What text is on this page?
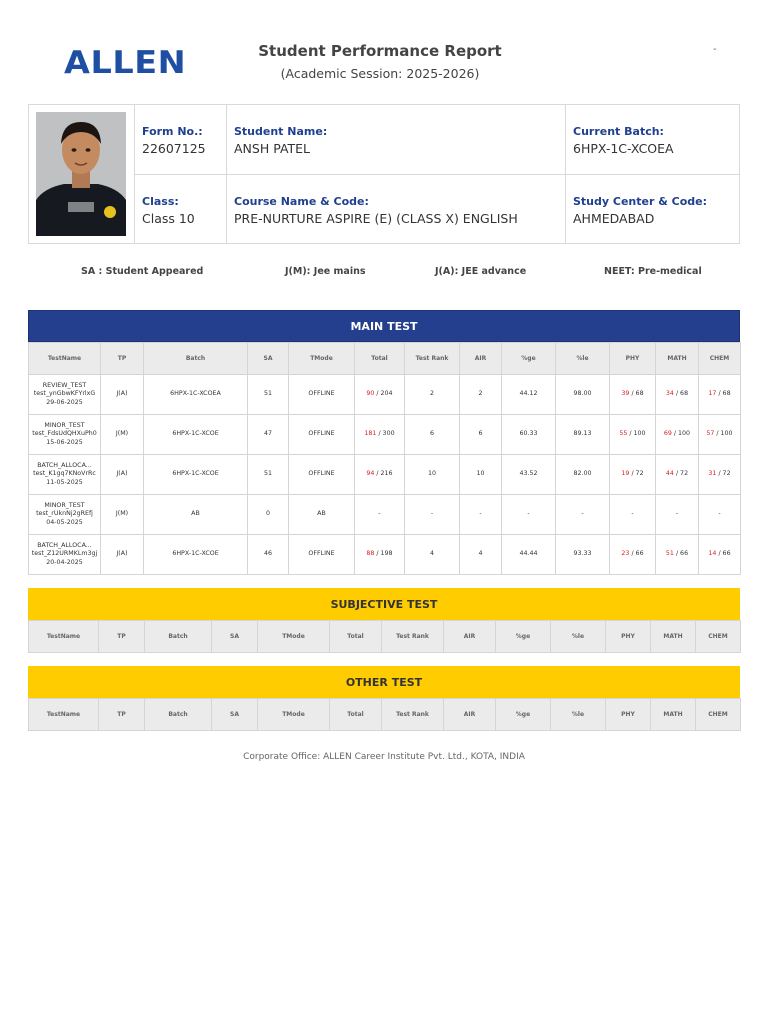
ALLEN	Student Performance Report
(Academic Session: 2025-2026)
-
Form No.:
22607125
Student Name:
ANSH PATEL
Current Batch:
6HPX-1C-XCOEA
Class:
Class 10
Course Name & Code:
PRE-NURTURE ASPIRE (E) (CLASS X) ENGLISH
Study Center & Code:
AHMEDABAD
SA : Student Appeared	J(M): Jee mains	J(A): JEE advance	NEET: Pre-medical
MAIN TEST
TestName	TP	Batch	SA	TMode	Total	Test Rank	AIR	%ge	%le	PHY	MATH	CHEM
REVIEW_TEST
test_ynGbwKFYrlxG
29-06-2025	J(A)	6HPX-1C-XCOEA	51	OFFLINE	90 / 204	2	2	44.12	98.00	39 / 68	34 / 68	17 / 68
MINOR_TEST
test_FdsUdQHXuPh0
15-06-2025	J(M)	6HPX-1C-XCOE	47	OFFLINE	181 / 300	6	6	60.33	89.13	55 / 100	69 / 100	57 / 100
BATCH_ALLOCA...
test_K1gq7KNoVrRc
11-05-2025	J(A)	6HPX-1C-XCOE	51	OFFLINE	94 / 216	10	10	43.52	82.00	19 / 72	44 / 72	31 / 72
MINOR_TEST
test_rUknNj2gREfj
04-05-2025	J(M)	AB	0	AB	-	-	-	-	-	-	-	-
BATCH_ALLOCA...
test_Z12URMKLm3gj
20-04-2025	J(A)	6HPX-1C-XCOE	46	OFFLINE	88 / 198	4	4	44.44	93.33	23 / 66	51 / 66	14 / 66
SUBJECTIVE TEST
TestName	TP	Batch	SA	TMode	Total	Test Rank	AIR	%ge	%le	PHY	MATH	CHEM
OTHER TEST
TestName	TP	Batch	SA	TMode	Total	Test Rank	AIR	%ge	%le	PHY	MATH	CHEM
Corporate Office: ALLEN Career Institute Pvt. Ltd., KOTA, INDIA
